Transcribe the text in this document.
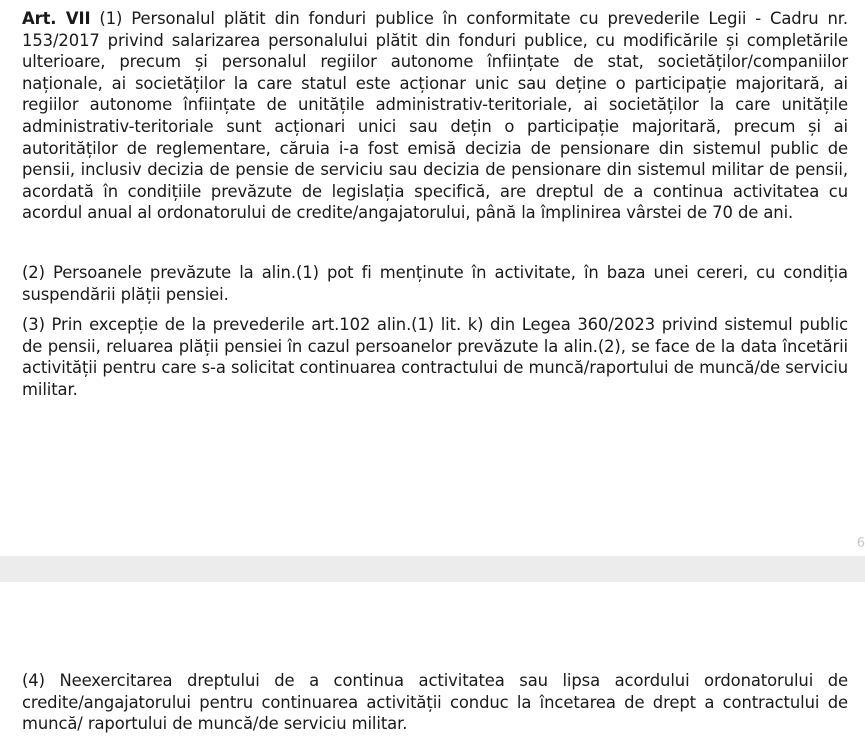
Art. VII (1) Personalul plătit din fonduri publice în conformitate cu prevederile Legii - Cadru nr. 153/2017 privind salarizarea personalului plătit din fonduri publice, cu modificările și completările ulterioare, precum și personalul regiilor autonome înființate de stat, societăților/companiilor naționale, ai societăților la care statul este acționar unic sau deține o participație majoritară, ai regiilor autonome înființate de unitățile administrativ-teritoriale, ai societăților la care unitățile administrativ-teritoriale sunt acționari unici sau dețin o participație majoritară, precum și ai autorităților de reglementare, căruia i-a fost emisă decizia de pensionare din sistemul public de pensii, inclusiv decizia de pensie de serviciu sau decizia de pensionare din sistemul militar de pensii, acordată în condițiile prevăzute de legislația specifică, are dreptul de a continua activitatea cu acordul anual al ordonatorului de credite/angajatorului, până la împlinirea vârstei de 70 de ani.
(2) Persoanele prevăzute la alin.(1) pot fi menținute în activitate, în baza unei cereri, cu condiția suspendării plății pensiei.
(3) Prin excepție de la prevederile art.102 alin.(1) lit. k) din Legea 360/2023 privind sistemul public de pensii, reluarea plății pensiei în cazul persoanelor prevăzute la alin.(2), se face de la data încetării activității pentru care s-a solicitat continuarea contractului de muncă/raportului de muncă/de serviciu militar.
6
(4) Neexercitarea dreptului de a continua activitatea sau lipsa acordului ordonatorului de credite/angajatorului pentru continuarea activității conduc la încetarea de drept a contractului de muncă/ raportului de muncă/de serviciu militar.
